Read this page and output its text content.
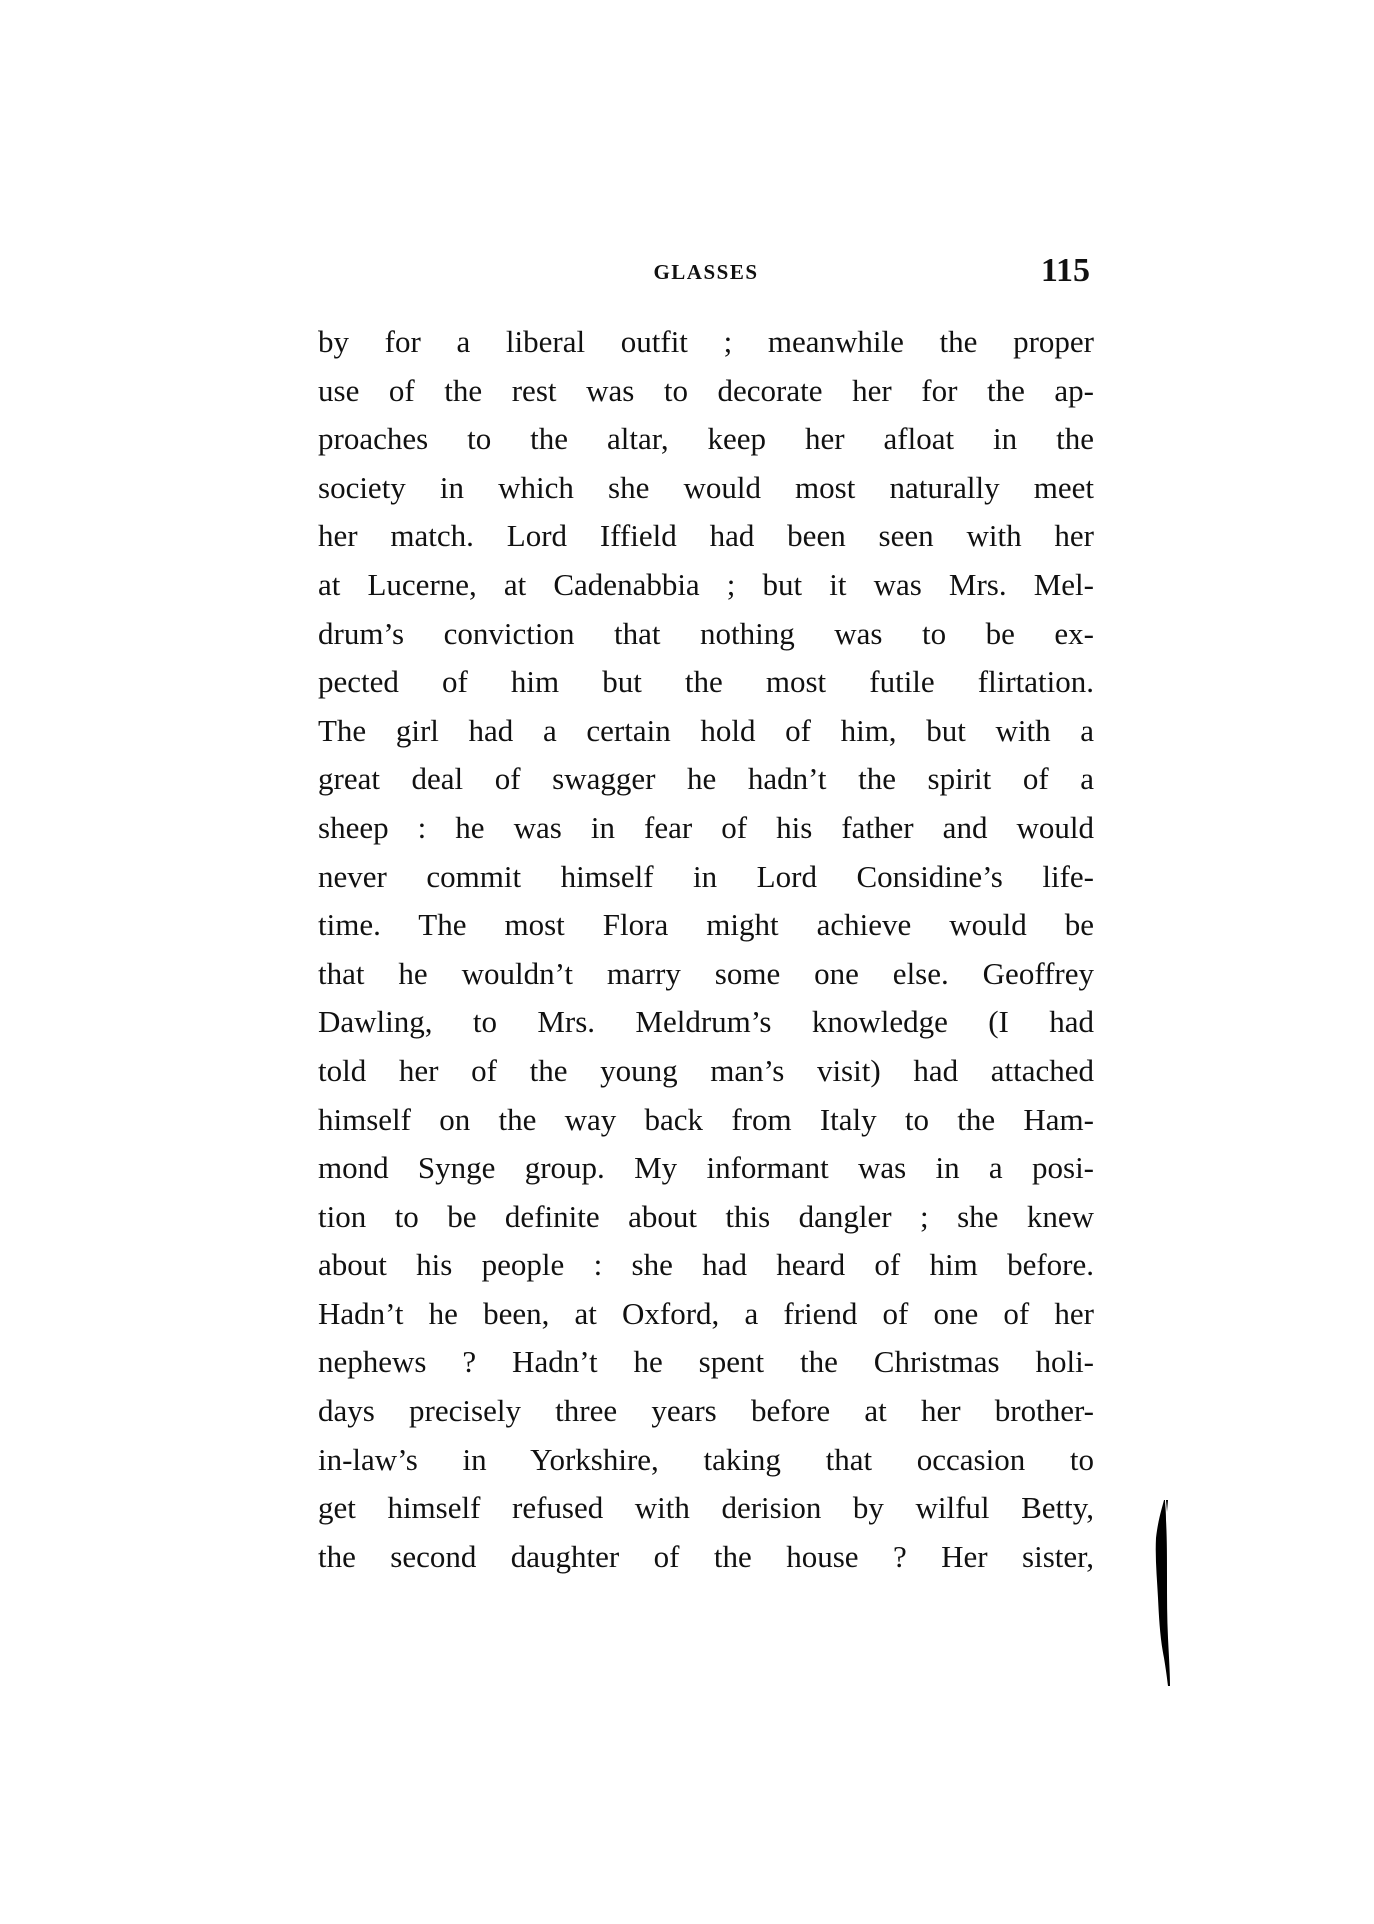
GLASSES	115
by for a liberal outfit ; meanwhile the proper
use of the rest was to decorate her for the ap-
proaches to the altar, keep her afloat in the
society in which she would most naturally meet
her match. Lord Iffield had been seen with her
at Lucerne, at Cadenabbia ; but it was Mrs. Mel-
drum’s conviction that nothing was to be ex-
pected of him but the most futile flirtation.
The girl had a certain hold of him, but with a
great deal of swagger he hadn’t the spirit of a
sheep : he was in fear of his father and would
never commit himself in Lord Considine’s life-
time. The most Flora might achieve would be
that he wouldn’t marry some one else. Geoffrey
Dawling, to Mrs. Meldrum’s knowledge (I had
told her of the young man’s visit) had attached
himself on the way back from Italy to the Ham-
mond Synge group. My informant was in a posi-
tion to be definite about this dangler ; she knew
about his people : she had heard of him before.
Hadn’t he been, at Oxford, a friend of one of her
nephews ? Hadn’t he spent the Christmas holi-
days precisely three years before at her brother-
in-law’s in Yorkshire, taking that occasion to
get himself refused with derision by wilful Betty,
the second daughter of the house ? Her sister,
